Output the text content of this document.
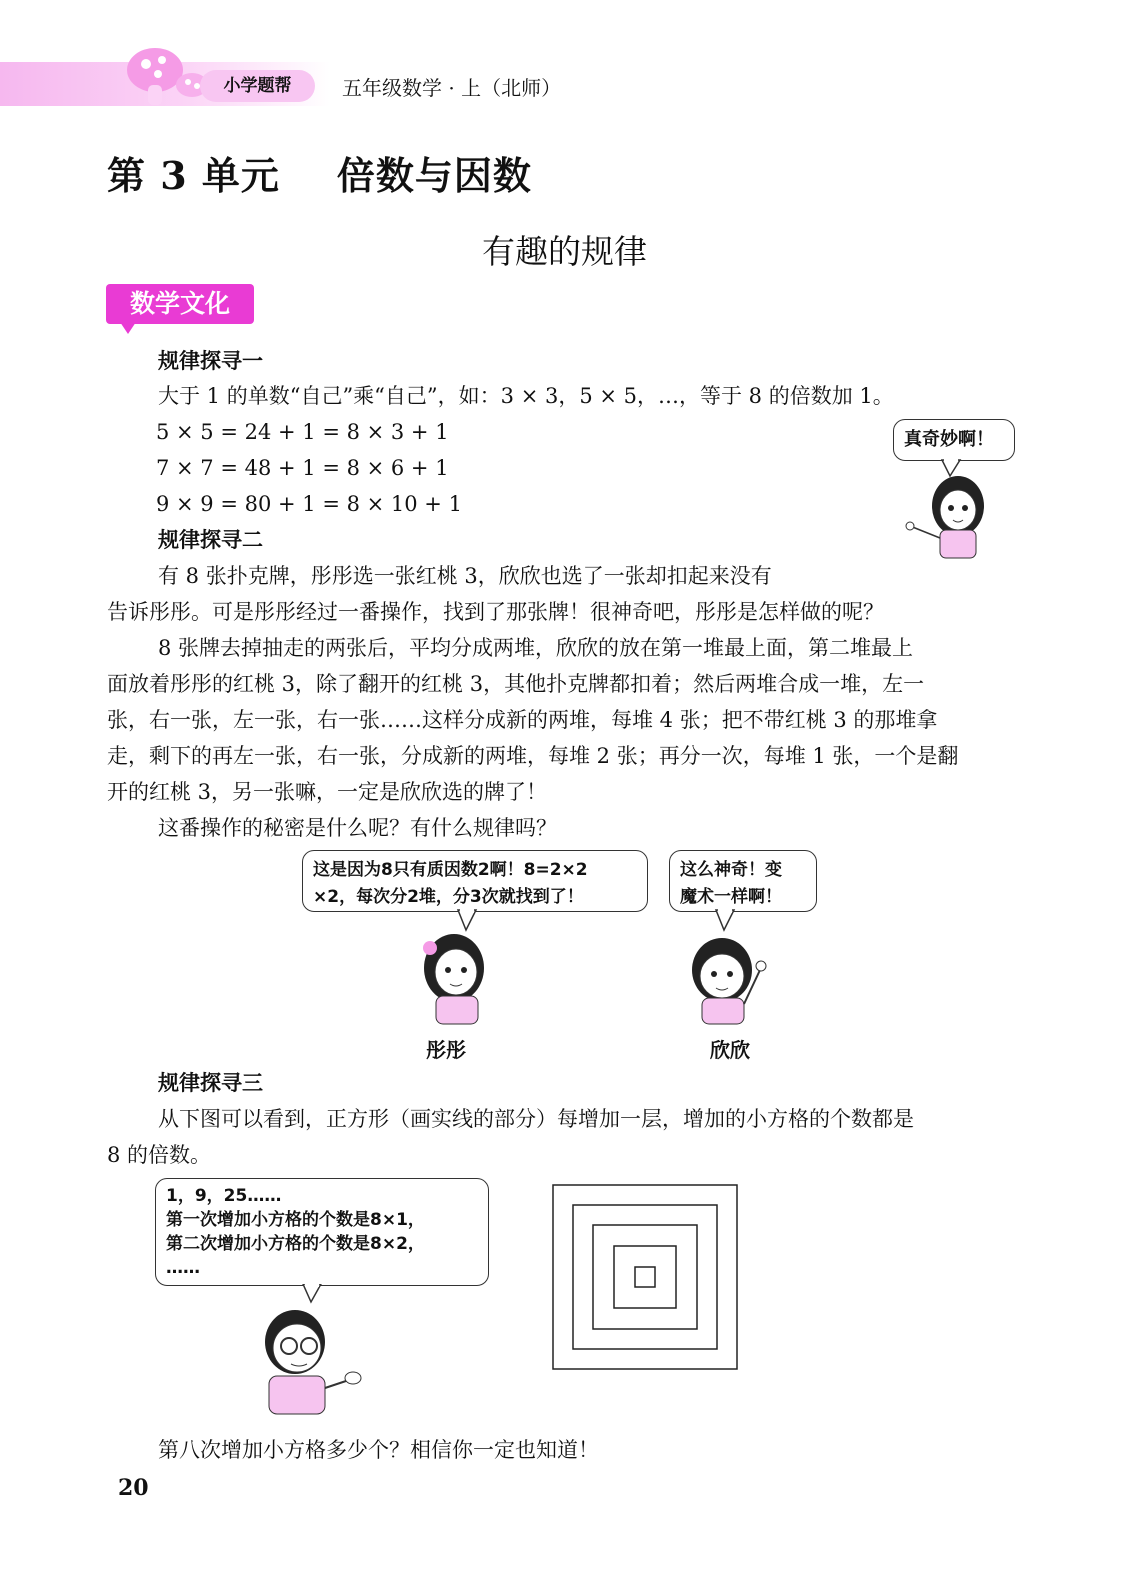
小学题帮	五年级数学 · 上（北师）
第 3 单元    倍数与因数
有趣的规律
数学文化
规律探寻一
大于 1 的单数“自己”乘“自己”，如：3 × 3，5 × 5，…，等于 8 的倍数加 1。
5 × 5 = 24 + 1 = 8 × 3 + 1
7 × 7 = 48 + 1 = 8 × 6 + 1
9 × 9 = 80 + 1 = 8 × 10 + 1
真奇妙啊！
规律探寻二
有 8 张扑克牌，彤彤选一张红桃 3，欣欣也选了一张却扣起来没有
告诉彤彤。可是彤彤经过一番操作，找到了那张牌！很神奇吧，彤彤是怎样做的呢？
8 张牌去掉抽走的两张后，平均分成两堆，欣欣的放在第一堆最上面，第二堆最上
面放着彤彤的红桃 3，除了翻开的红桃 3，其他扑克牌都扣着；然后两堆合成一堆，左一
张，右一张，左一张，右一张……这样分成新的两堆，每堆 4 张；把不带红桃 3 的那堆拿
走，剩下的再左一张，右一张，分成新的两堆，每堆 2 张；再分一次，每堆 1 张，一个是翻
开的红桃 3，另一张嘛，一定是欣欣选的牌了！
这番操作的秘密是什么呢？有什么规律吗？
这是因为8只有质因数2啊！8=2×2
×2，每次分2堆，分3次就找到了！
这么神奇！变
魔术一样啊！
彤彤	欣欣
规律探寻三
从下图可以看到，正方形（画实线的部分）每增加一层，增加的小方格的个数都是
8 的倍数。
1，9，25……
第一次增加小方格的个数是8×1，
第二次增加小方格的个数是8×2，
……
第八次增加小方格多少个？相信你一定也知道！
20
